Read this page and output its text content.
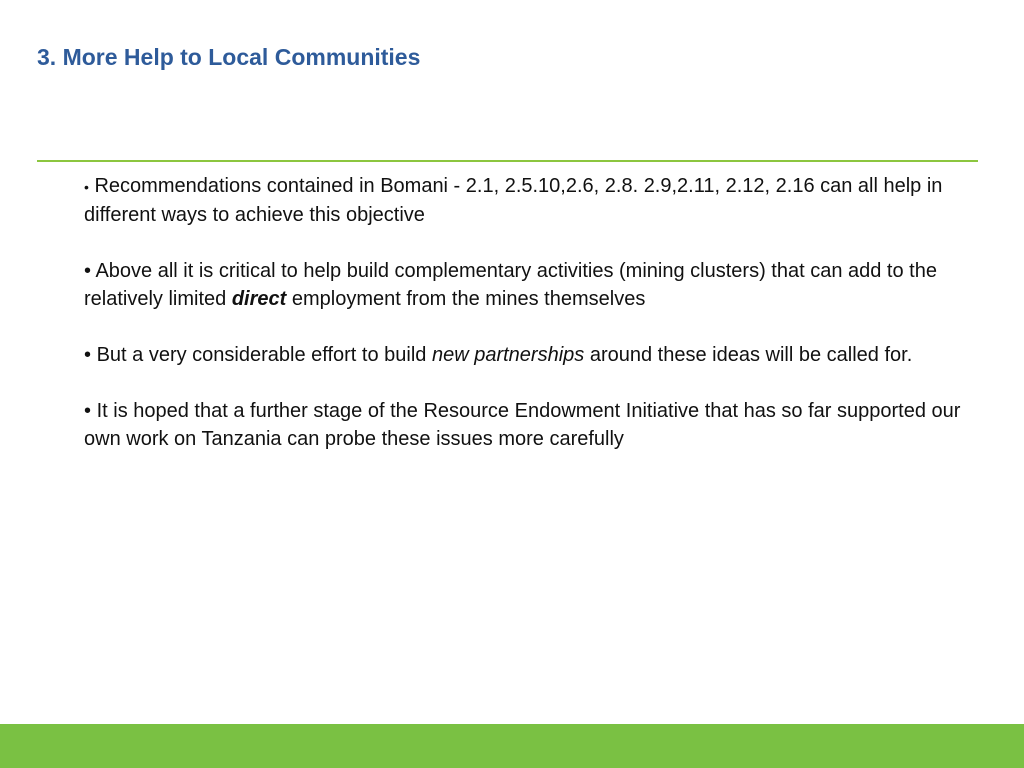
3. More Help to Local Communities

• Recommendations contained in Bomani - 2.1, 2.5.10,2.6, 2.8. 2.9,2.11, 2.12, 2.16 can all help in different ways to achieve this objective

• Above all it is critical to help build complementary activities (mining clusters) that can add to the relatively limited direct employment from the mines themselves

• But a very considerable effort to build new partnerships around these ideas will be called for.

• It is hoped that a further stage of the Resource Endowment Initiative that has so far supported our own work on Tanzania can probe these issues more carefully
